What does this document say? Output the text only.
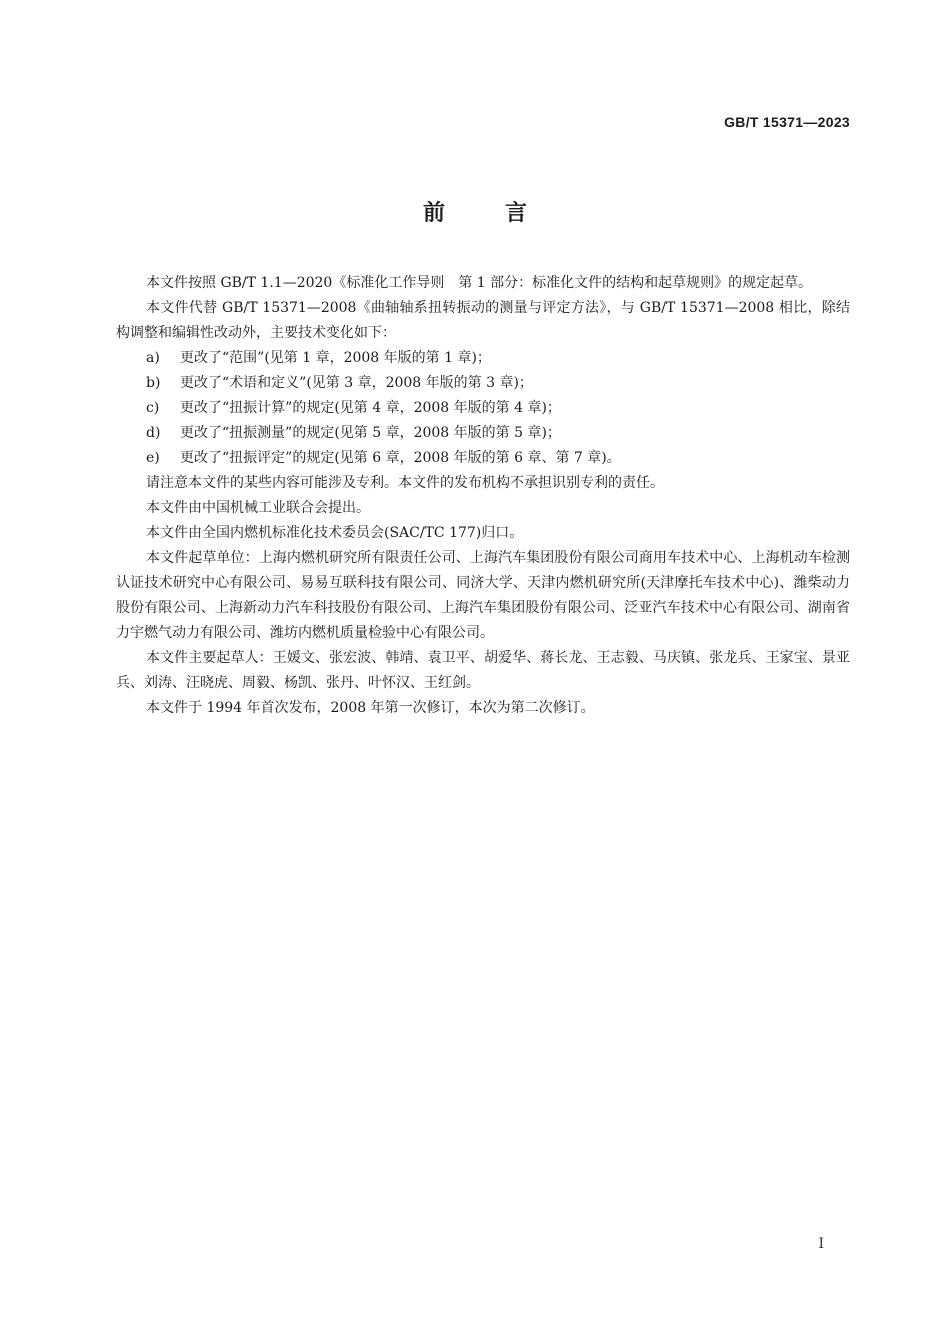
GB/T 15371—2023
前言

本文件按照 GB/T 1.1—2020《标准化工作导则　第 1 部分：标准化文件的结构和起草规则》的规定起草。

本文件代替 GB/T 15371—2008《曲轴轴系扭转振动的测量与评定方法》，与 GB/T 15371—2008 相比，除结构调整和编辑性改动外，主要技术变化如下：

a) 更改了“范围”(见第 1 章，2008 年版的第 1 章)；

b) 更改了“术语和定义”(见第 3 章，2008 年版的第 3 章)；

c) 更改了“扭振计算”的规定(见第 4 章，2008 年版的第 4 章)；

d) 更改了“扭振测量”的规定(见第 5 章，2008 年版的第 5 章)；

e) 更改了“扭振评定”的规定(见第 6 章，2008 年版的第 6 章、第 7 章)。

请注意本文件的某些内容可能涉及专利。本文件的发布机构不承担识别专利的责任。

本文件由中国机械工业联合会提出。

本文件由全国内燃机标准化技术委员会(SAC/TC 177)归口。

本文件起草单位：上海内燃机研究所有限责任公司、上海汽车集团股份有限公司商用车技术中心、上海机动车检测认证技术研究中心有限公司、易易互联科技有限公司、同济大学、天津内燃机研究所(天津摩托车技术中心)、潍柴动力股份有限公司、上海新动力汽车科技股份有限公司、上海汽车集团股份有限公司、泛亚汽车技术中心有限公司、湖南省力宇燃气动力有限公司、潍坊内燃机质量检验中心有限公司。

本文件主要起草人：王媛文、张宏波、韩靖、袁卫平、胡爱华、蒋长龙、王志毅、马庆镇、张龙兵、王家宝、景亚兵、刘涛、汪晓虎、周毅、杨凯、张丹、叶怀汉、王红剑。

本文件于 1994 年首次发布，2008 年第一次修订，本次为第二次修订。

I
